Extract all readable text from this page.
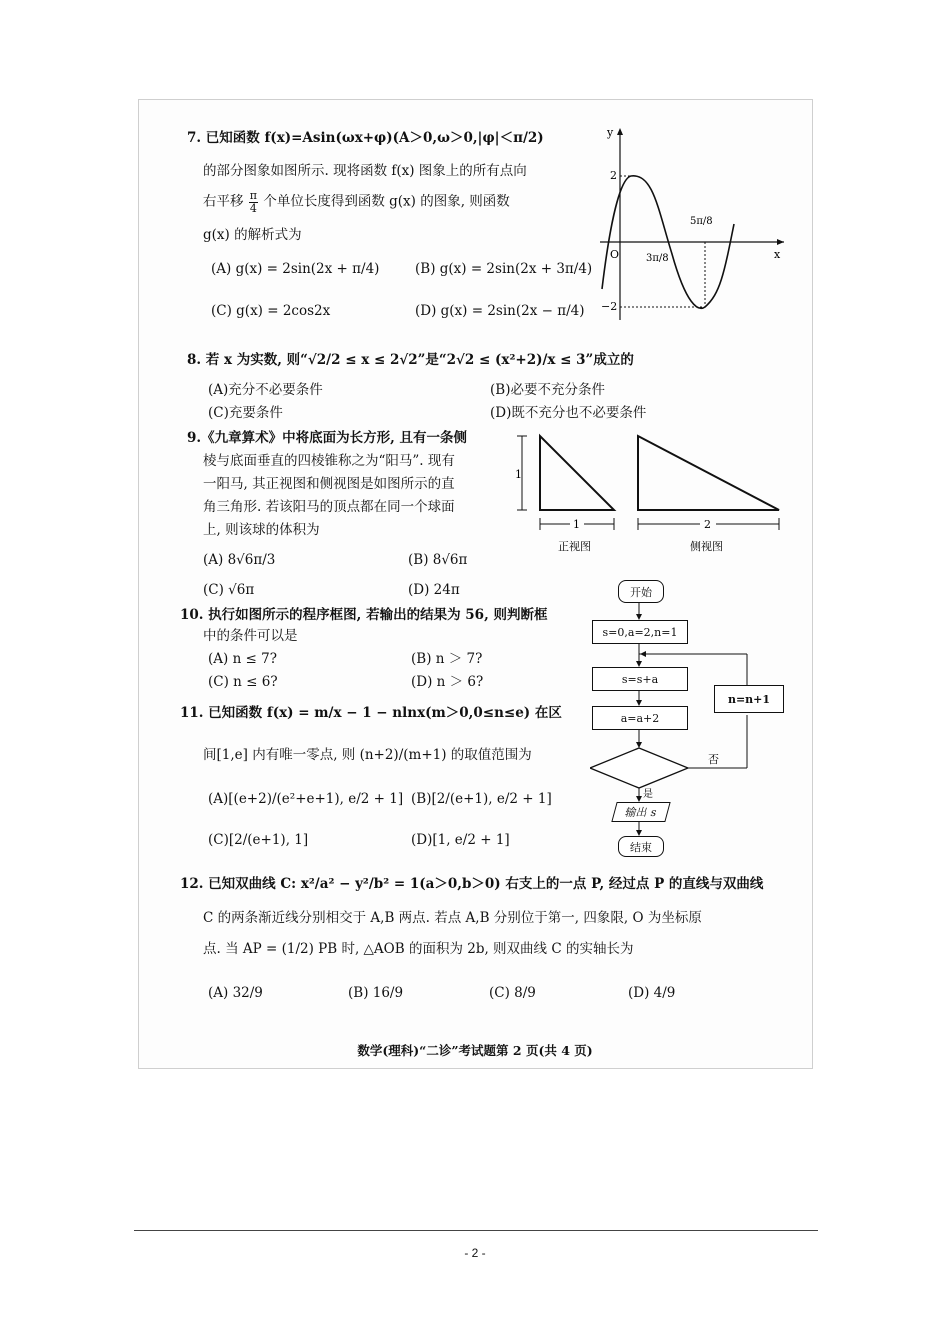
7. 已知函数 f(x)=Asin(ωx+φ)(A＞0,ω＞0,|φ|＜π/2)
的部分图象如图所示. 现将函数 f(x) 图象上的所有点向
右平移 $\frac{\pi}{4}$ 个单位长度得到函数 g(x) 的图象, 则函数
g(x) 的解析式为
(A) g(x) = 2sin(2x + π/4)	(B) g(x) = 2sin(2x + 3π/4)
(C) g(x) = 2cos2x	(D) g(x) = 2sin(2x − π/4)
y
x
O
2
−2
3π/8
5π/8
8. 若 x 为实数, 则“√2/2 ≤ x ≤ 2√2”是“2√2 ≤ (x²+2)/x ≤ 3”成立的
(A)充分不必要条件	(B)必要不充分条件
(C)充要条件	(D)既不充分也不必要条件
9.《九章算术》中将底面为长方形, 且有一条侧
棱与底面垂直的四棱锥称之为“阳马”. 现有
一阳马, 其正视图和侧视图是如图所示的直
角三角形. 若该阳马的顶点都在同一个球面
上, 则该球的体积为
(A) 8√6π/3	(B) 8√6π
(C) √6π	(D) 24π
1
1	2
正视图	侧视图
10. 执行如图所示的程序框图, 若输出的结果为 56, 则判断框
中的条件可以是
(A) n ≤ 7?	(B) n ＞ 7?
(C) n ≤ 6?	(D) n ＞ 6?
否
是
开始
s=0,a=2,n=1
s=s+a
a=a+2
n=n+1
输出 s
结束
11. 已知函数 f(x) = m/x − 1 − nlnx(m＞0,0≤n≤e) 在区
间[1,e] 内有唯一零点, 则 (n+2)/(m+1) 的取值范围为
(A)[(e+2)/(e²+e+1), e/2 + 1] (B)[2/(e+1), e/2 + 1]
(C)[2/(e+1), 1]	(D)[1, e/2 + 1]
12. 已知双曲线 C: x²/a² − y²/b² = 1(a＞0,b＞0) 右支上的一点 P, 经过点 P 的直线与双曲线
C 的两条渐近线分别相交于 A,B 两点. 若点 A,B 分别位于第一, 四象限, O 为坐标原
点. 当 AP = (1/2) PB 时, △AOB 的面积为 2b, 则双曲线 C 的实轴长为
(A) 32/9	(B) 16/9	(C) 8/9	(D) 4/9
数学(理科)“二诊”考试题第 2 页(共 4 页)
- 2 -
